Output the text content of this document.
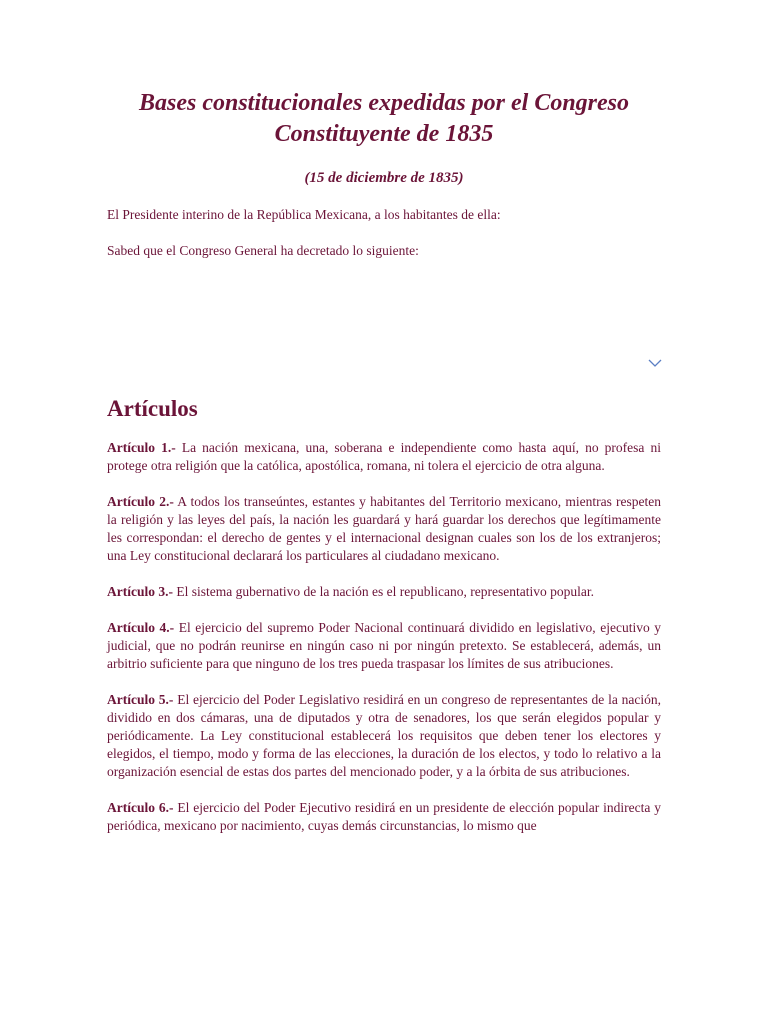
Bases constitucionales expedidas por el Congreso Constituyente de 1835
(15 de diciembre de 1835)

El Presidente interino de la República Mexicana, a los habitantes de ella:

Sabed que el Congreso General ha decretado lo siguiente:

Artículos

Artículo 1.- La nación mexicana, una, soberana e independiente como hasta aquí, no profesa ni protege otra religión que la católica, apostólica, romana, ni tolera el ejercicio de otra alguna.

Artículo 2.- A todos los transeúntes, estantes y habitantes del Territorio mexicano, mientras respeten la religión y las leyes del país, la nación les guardará y hará guardar los derechos que legítimamente les correspondan: el derecho de gentes y el internacional designan cuales son los de los extranjeros; una Ley constitucional declarará los particulares al ciudadano mexicano.

Artículo 3.- El sistema gubernativo de la nación es el republicano, representativo popular.

Artículo 4.- El ejercicio del supremo Poder Nacional continuará dividido en legislativo, ejecutivo y judicial, que no podrán reunirse en ningún caso ni por ningún pretexto. Se establecerá, además, un arbitrio suficiente para que ninguno de los tres pueda traspasar los límites de sus atribuciones.

Artículo 5.- El ejercicio del Poder Legislativo residirá en un congreso de representantes de la nación, dividido en dos cámaras, una de diputados y otra de senadores, los que serán elegidos popular y periódicamente. La Ley constitucional establecerá los requisitos que deben tener los electores y elegidos, el tiempo, modo y forma de las elecciones, la duración de los electos, y todo lo relativo a la organización esencial de estas dos partes del mencionado poder, y a la órbita de sus atribuciones.

Artículo 6.- El ejercicio del Poder Ejecutivo residirá en un presidente de elección popular indirecta y periódica, mexicano por nacimiento, cuyas demás circunstancias, lo mismo que
